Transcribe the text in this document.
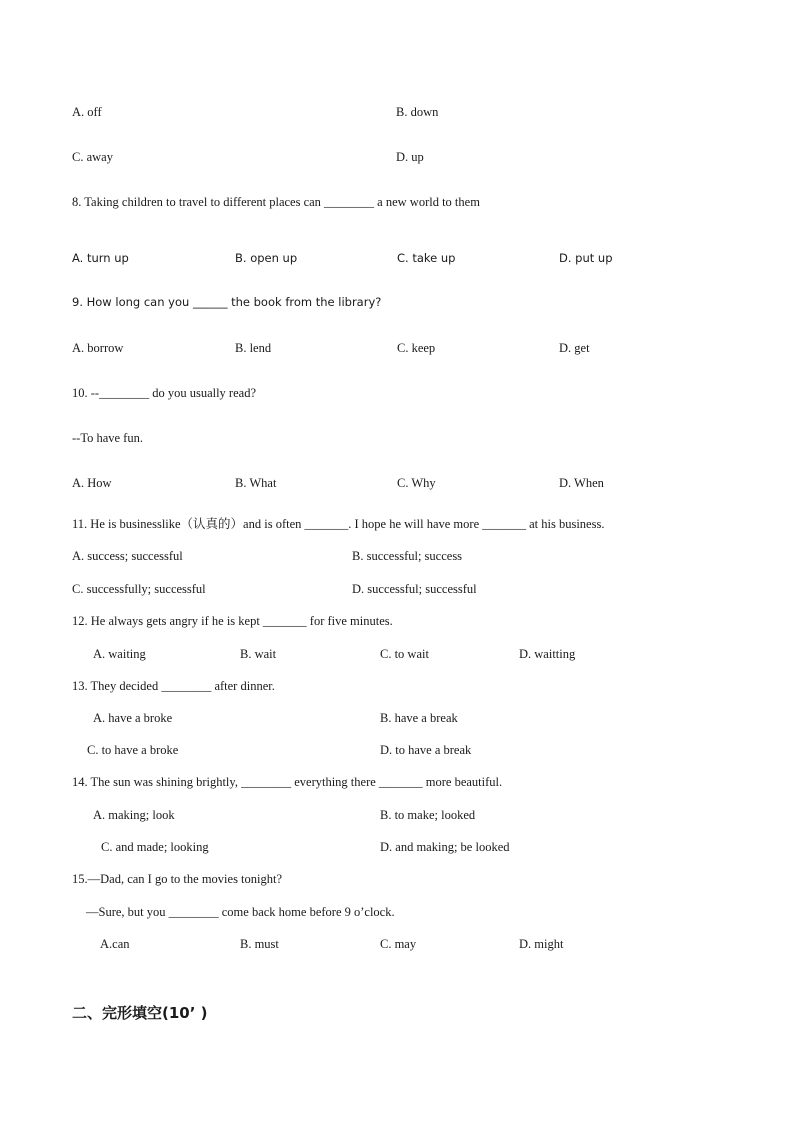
A. off	B. down
C. away	D. up
8. Taking children to travel to different places can ________ a new world to them
A. turn up	B. open up	C. take up	D. put up
9. How long can you ______ the book from the library?
A. borrow	B. lend	C. keep	D. get
10. --________ do you usually read?
--To have fun.
A. How	B. What	C. Why	D. When
11. He is businesslike（认真的）and is often _______. I hope he will have more _______ at his business.
A. success; successful	B. successful; success
C. successfully; successful	D. successful; successful
12. He always gets angry if he is kept _______ for five minutes.
A. waiting	B. wait	C. to wait	D. waitting
13. They decided ________ after dinner.
A. have a broke	B. have a break
C. to have a broke	D. to have a break
14. The sun was shining brightly, ________ everything there _______ more beautiful.
A. making; look	B. to make; looked
C. and made; looking	D. and making; be looked
15.—Dad, can I go to the movies tonight?
—Sure, but you ________ come back home before 9 o’clock.
A.can	B. must	C. may	D. might
二、完形填空(10’ )
